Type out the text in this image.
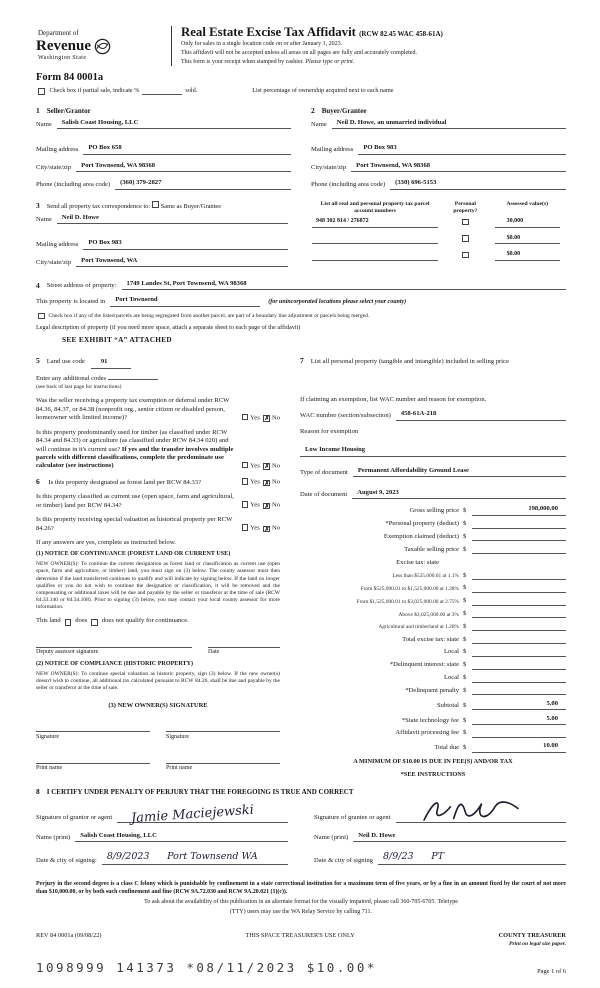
Department of
Revenue
Washington State
Real Estate Excise Tax Affidavit (RCW 82.45 WAC 458-61A)
Only for sales in a single location code on or after January 1, 2023.
This affidavit will not be accepted unless all areas on all pages are fully and accurately completed.
This form is your receipt when stamped by cashier. Please type or print.
Form 84 0001a
Check box if partial sale, indicate %	sold.	List percentage of ownership acquired next to each name
1 Seller/Grantor
Name	Salish Coast Housing, LLC
Mailing address	PO Box 658
City/state/zip	Port Townsend, WA 98368
Phone (including area code)	(360) 379-2827
2 Buyer/Grantee
Name	Neil D. Howe, an unmarried individual
Mailing address	PO Box 983
City/state/zip	Port Townsend, WA 98368
Phone (including area code)	(330) 696-5153
3 Send all property tax correspondence to: Same as Buyer/Grantee
Name	Neil D. Howe
Mailing address	PO Box 983
City/state/zip	Port Townsend, WA
List all real and personal property tax parcel account numbers
Personal property?
Assessed value(s)
948 302 814 / 276872	30,000
$0.00
$0.00
4 Street address of property:	1749 Landes St, Port Townsend, WA 98368
This property is located in	Port Townsend	(for unincorporated locations please select your county)
Check box if any of the listed parcels are being segregated from another parcel, are part of a boundary line adjustment or parcels being merged.
Legal description of property (if you need more space, attach a separate sheet to each page of the affidavit)
SEE EXHIBIT “A” ATTACHED
5 Land use code	91
Enter any additional codes
(see back of last page for instructions)
Was the seller receiving a property tax exemption or deferral under RCW 84.36, 84.37, or 84.38 (nonprofit org., senior citizen or disabled person, homeowner with limited income)?	Yes ✗ No
Is this property predominantly used for timber (as classified under RCW 84.34 and 84.33) or agriculture (as classified under RCW 84.34 020) and will continue in it's current use? If yes and the transfer involves multiple parcels with different classifications, complete the predominate use calculator (see instructions)	Yes ✗ No
6 Is this property designated as forest land per RCW 84.33?	Yes ✗ No
Is this property classified as current use (open space, farm and agricultural, or timber) land per RCW 84.34?	Yes ✗ No
Is this property receiving special valuation as historical property per RCW 84.26?	Yes ✗ No
If any answers are yes, complete as instructed below.
(1) NOTICE OF CONTINUANCE (FOREST LAND OR CURRENT USE)
NEW OWNER(S): To continue the current designation as forest land or classification as current use (open space, farm and agriculture, or timber) land, you must sign on (3) below. The county assessor must then determine if the land transferred continues to qualify and will indicate by signing below. If the land no longer qualifies or you do not wish to continue the designation or classification, it will be removed and the compensating or additional taxes will be due and payable by the seller or transferor at the time of sale (RCW 84.33.140 or 84.34.108). Prior to signing (3) below, you may contact your local county assessor for more information.
This land does does not qualify for continuance.
Deputy assessor signature	Date
(2) NOTICE OF COMPLIANCE (HISTORIC PROPERTY)
NEW OWNER(S): To continue special valuation as historic property, sign (3) below. If the new owner(s) doesn't wish to continue, all additional tax calculated pursuant to RCW 84.26, shall be due and payable by the seller or transferor at the time of sale.
(3) NEW OWNER(S) SIGNATURE
Signature	Signature
Print name	Print name
7 List all personal property (tangible and intangible) included in selling price
If claiming an exemption, list WAC number and reason for exemption.
WAC number (section/subsection)	458-61A-218
Reason for exemption
Low Income Housing
Type of document	Permanent Affordability Ground Lease
Date of document	August 9, 2023
Gross selling price $	198,000.00
*Personal property (deduct) $
Exemption claimed (deduct) $
Taxable selling price $
Excise tax: state
Less than $525,000.01 at 1.1% $
From $525,000.01 to $1,525,000.00 at 1.28% $
From $1,525,000.01 to $3,025,000.00 at 2.75% $
Above $3,025,000.00 at 3% $
Agricultural and timberland at 1.28% $
Total excise tax: state $
Local $
*Delinquent interest: state $
Local $
*Delinquent penalty $
Subtotal $	5.00
*State technology fee $	5.00
Affidavit processing fee $
Total due $	10.00
A MINIMUM OF $10.00 IS DUE IN FEE(S) AND/OR TAX
*SEE INSTRUCTIONS
8 I CERTIFY UNDER PENALTY OF PERJURY THAT THE FOREGOING IS TRUE AND CORRECT
Signature of grantor or agent	Jamie Maciejewski
Name (print)	Salish Coast Housing, LLC
Date & city of signing:	8/9/2023 Port Townsend WA
Signature of grantee or agent
Name (print)	Neil D. Howe
Date & city of signing	8/9/23 PT
Perjury in the second degree is a class C felony which is punishable by confinement in a state correctional institution for a maximum term of five years, or by a fine in an amount fixed by the court of not more than $10,000.00, or by both such confinement and fine (RCW 9A.72.030 and RCW 9A.20.021 (1)(c)).
To ask about the availability of this publication in an alternate format for the visually impaired, please call 360-705-6705. Teletype
(TTY) users may use the WA Relay Service by calling 711.
REV 84 0001a (09/08/22)	THIS SPACE TREASURER'S USE ONLY	COUNTY TREASURER
Print on legal size paper.
1098999 141373 *08/11/2023 $10.00*	Page 1 of 6
